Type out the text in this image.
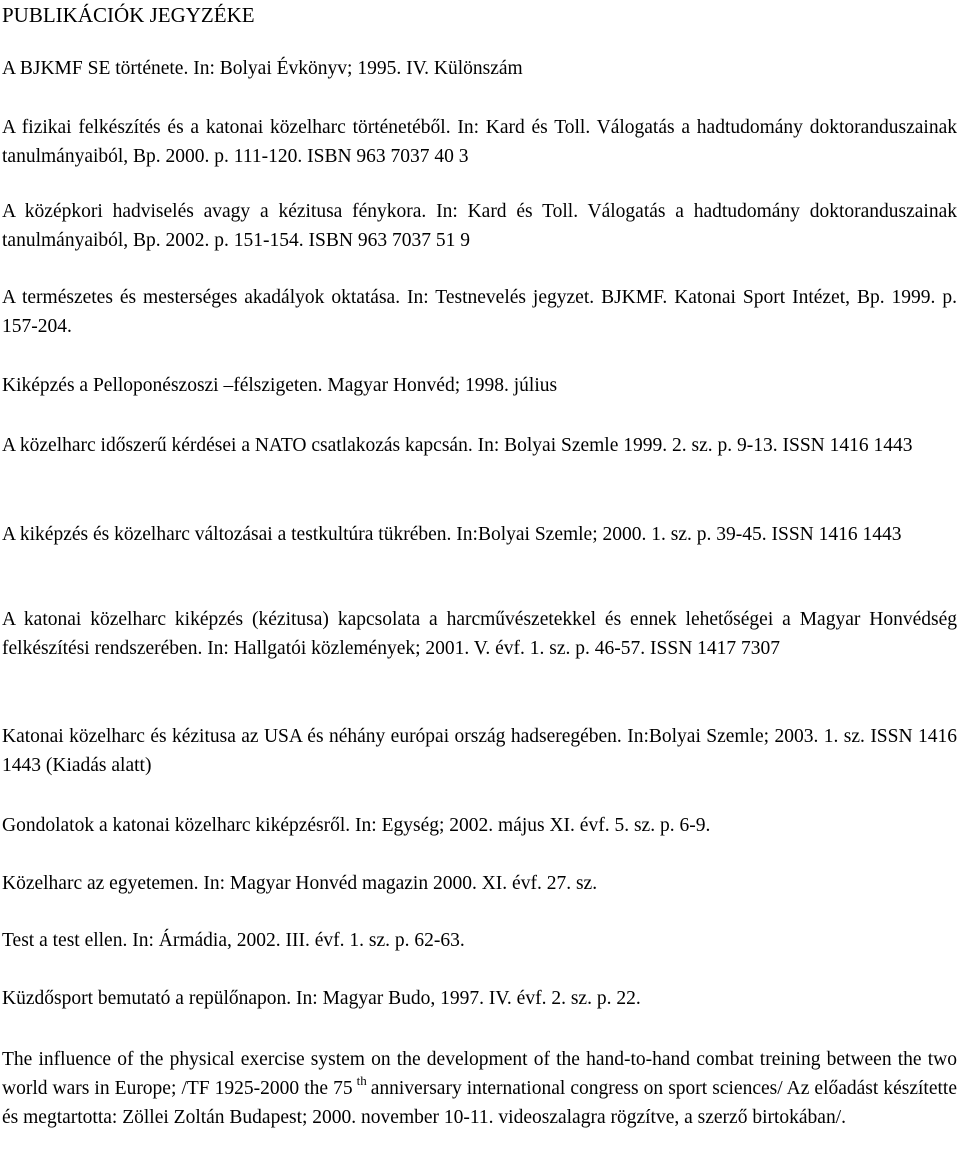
PUBLIKÁCIÓK JEGYZÉKE
A BJKMF SE története. In: Bolyai Évkönyv; 1995. IV. Különszám
A fizikai felkészítés és a katonai közelharc történetéből. In: Kard és Toll. Válogatás a hadtudomány doktoranduszainak tanulmányaiból, Bp. 2000. p. 111-120. ISBN 963 7037 40 3
A középkori hadviselés avagy a kézitusa fénykora. In: Kard és Toll. Válogatás a hadtudomány doktoranduszainak tanulmányaiból, Bp. 2002. p. 151-154. ISBN 963 7037 51 9
A természetes és mesterséges akadályok oktatása. In: Testnevelés jegyzet. BJKMF. Katonai Sport Intézet, Bp. 1999. p. 157-204.
Kiképzés a Pelloponészoszi –félszigeten. Magyar Honvéd; 1998. július
A közelharc időszerű kérdései a NATO csatlakozás kapcsán. In: Bolyai Szemle 1999. 2. sz. p. 9-13. ISSN 1416 1443
A kiképzés és közelharc változásai a testkultúra tükrében. In:Bolyai Szemle; 2000. 1. sz. p. 39-45. ISSN 1416 1443
A katonai közelharc kiképzés (kézitusa) kapcsolata a harcművészetekkel és ennek lehetőségei a Magyar Honvédség felkészítési rendszerében. In: Hallgatói közlemények; 2001. V. évf. 1. sz. p. 46-57. ISSN 1417 7307
Katonai közelharc és kézitusa az USA és néhány európai ország hadseregében. In:Bolyai Szemle; 2003. 1. sz. ISSN 1416 1443 (Kiadás alatt)
Gondolatok a katonai közelharc kiképzésről. In: Egység; 2002. május XI. évf. 5. sz. p. 6-9.
Közelharc az egyetemen. In: Magyar Honvéd magazin 2000. XI. évf. 27. sz.
Test a test ellen. In: Ármádia, 2002. III. évf. 1. sz. p. 62-63.
Küzdősport bemutató a repülőnapon. In: Magyar Budo, 1997. IV. évf. 2. sz. p. 22.
The influence of the physical exercise system on the development of the hand-to-hand combat treining between the two world wars in Europe; /TF 1925-2000 the 75 $^{th}$ anniversary international congress on sport sciences/ Az előadást készítette és megtartotta: Zöllei Zoltán Budapest; 2000. november 10-11. videoszalagra rögzítve, a szerző birtokában/.
